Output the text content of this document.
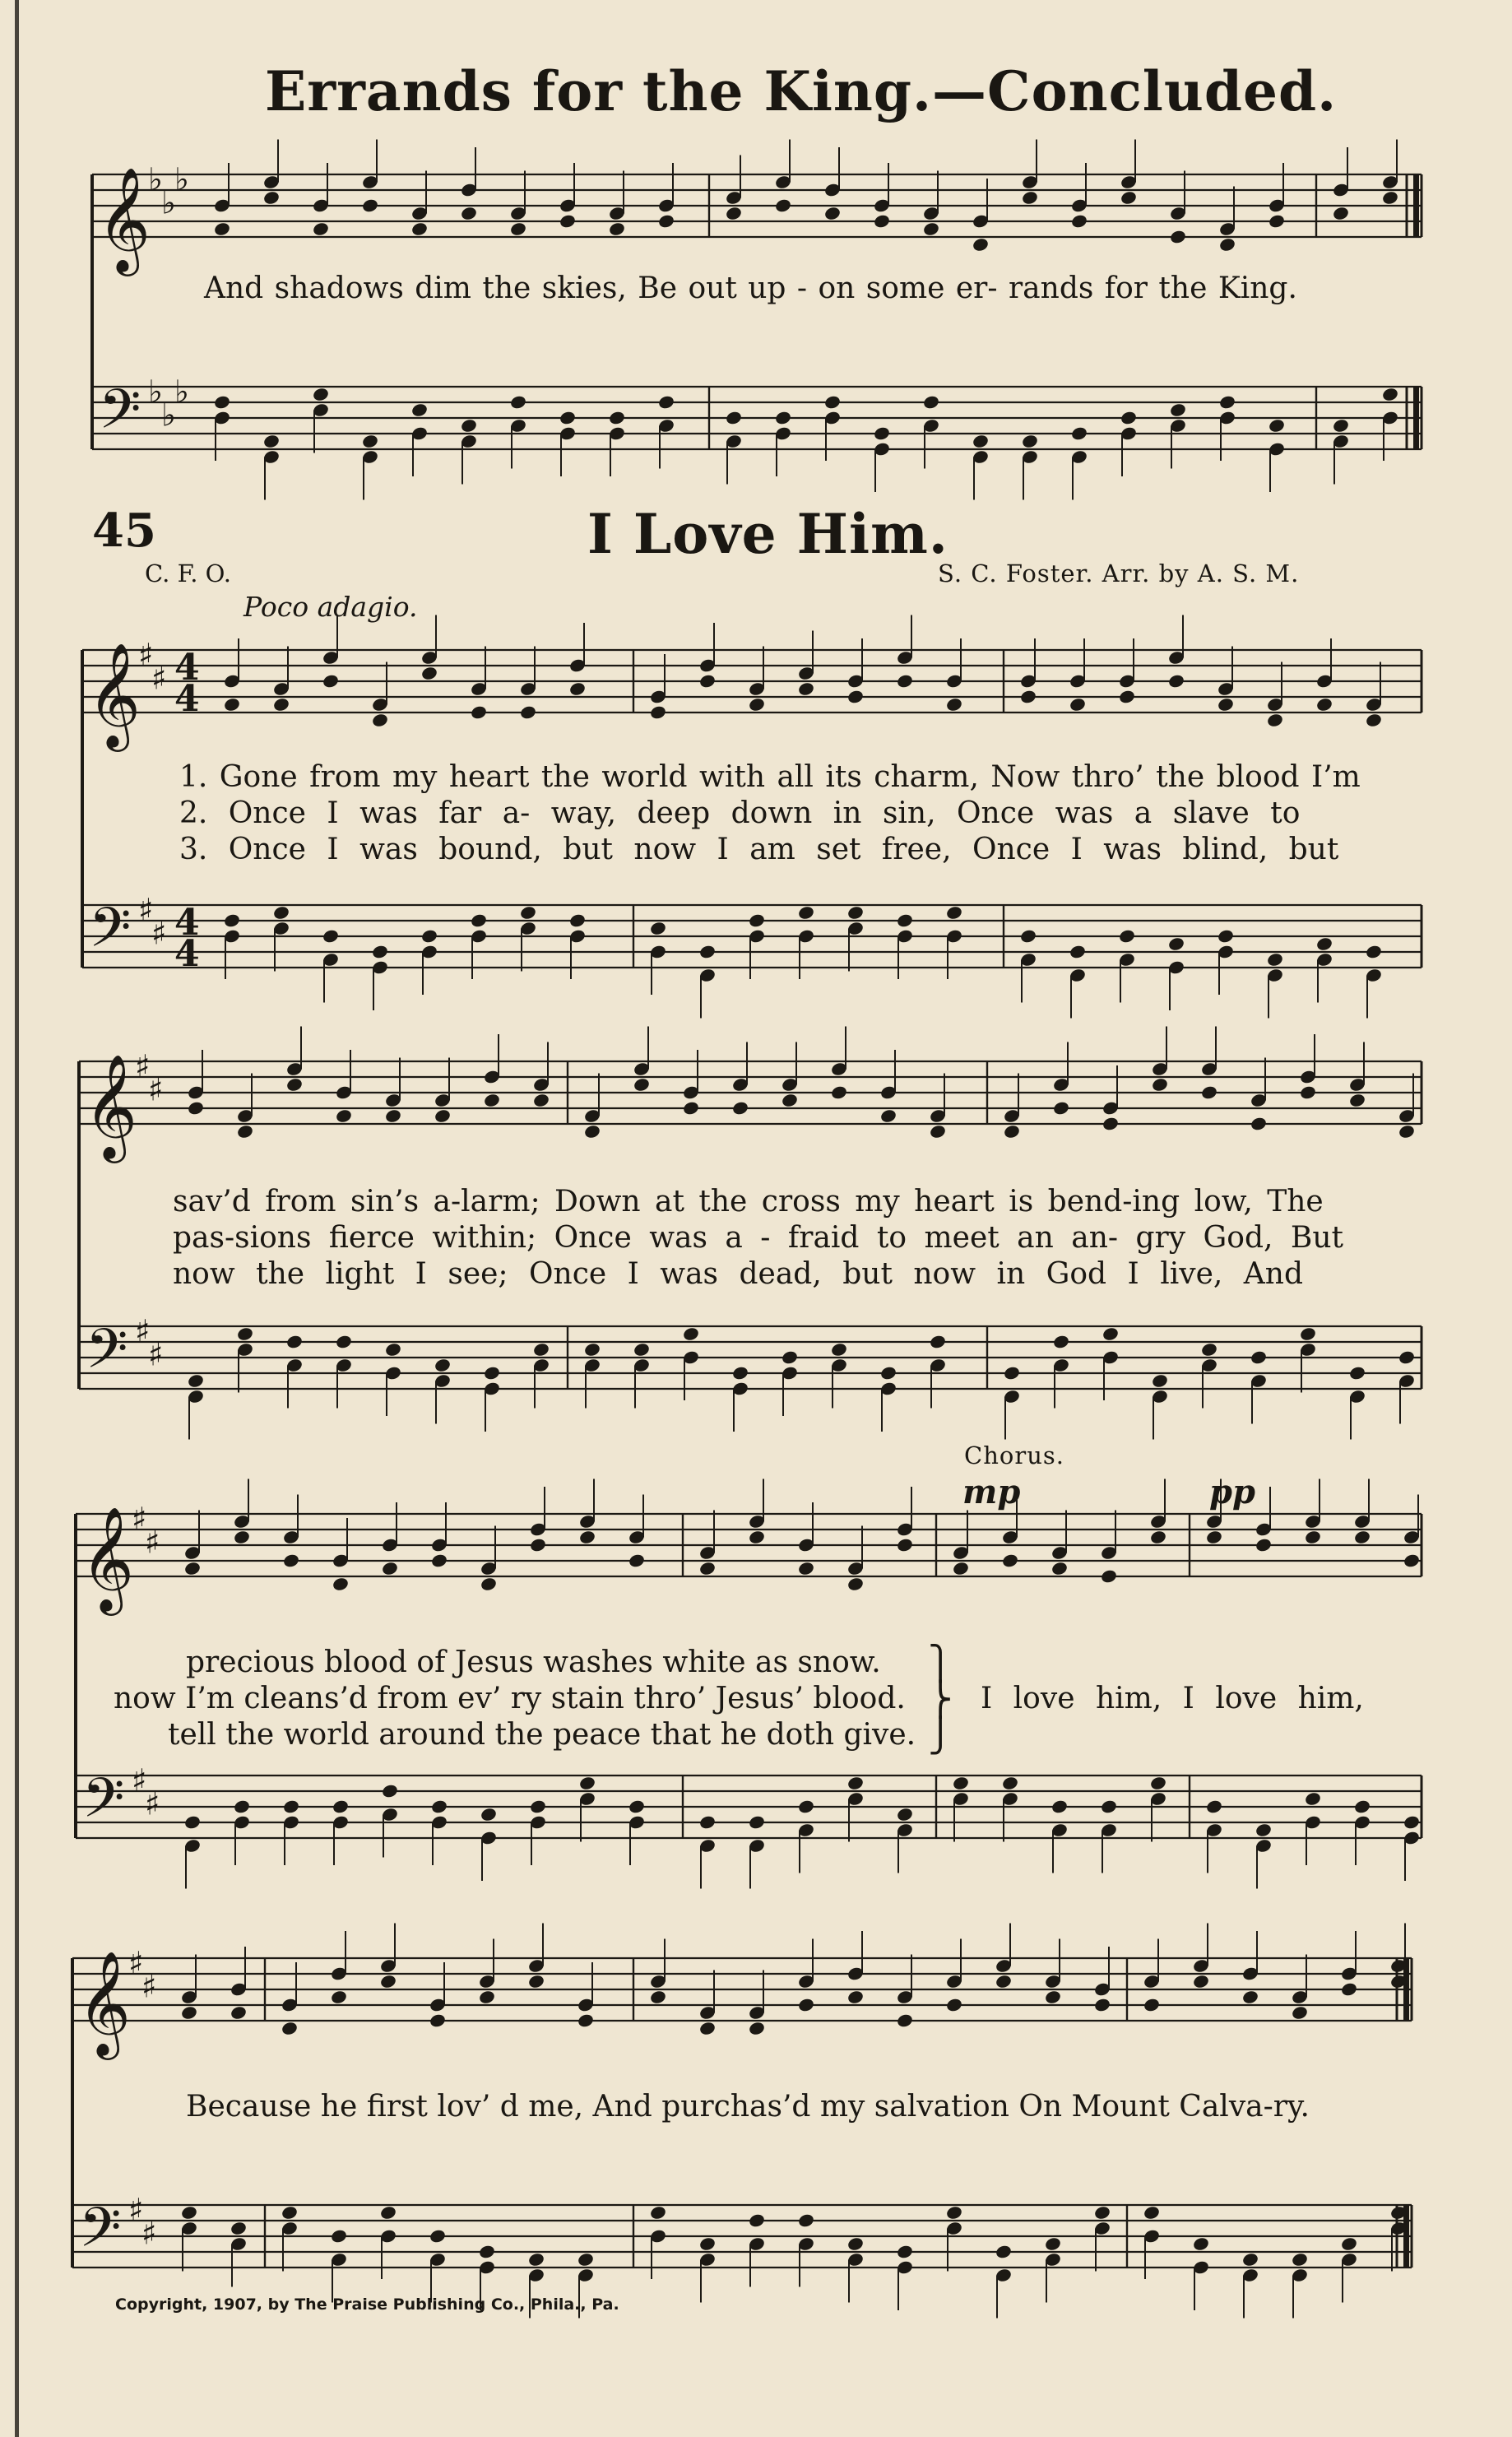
𝄞
𝄢
♭
♭
♭
♭
♭
♭
𝄞
𝄢
♯
♯
♯
♯
4
4
4
4
𝄞
𝄢
♯
♯
♯
♯
𝄞
𝄢
♯
♯
♯
♯
𝄞
𝄢
♯
♯
♯
♯
Errands for the King.—Concluded.
And shadows dim the skies, Be out up - on some er- rands for the King.
45	I Love Him.
C. F. O.	S. C. Foster. Arr. by A. S. M.
Poco adagio.
1. Gone from my heart the world with all its charm, Now thro’ the blood I’m
2. Once I was far a- way, deep down in sin, Once was a slave to
3. Once I was bound, but now I am set free, Once I was blind, but
sav’d from sin’s a-larm; Down at the cross my heart is bend-ing low, The
pas-sions fierce within; Once was a - fraid to meet an an- gry God, But
now the light I see; Once I was dead, but now in God I live, And
Chorus.
mp	pp
precious blood of Jesus washes white as snow.
now I’m cleans’d from ev’ ry stain thro’ Jesus’ blood.
tell the world around the peace that he doth give.
⎫
⎬
⎭
I love him, I love him,
Because he first lov’ d me, And purchas’d my salvation On Mount Calva-ry.
Copyright, 1907, by The Praise Publishing Co., Phila., Pa.
